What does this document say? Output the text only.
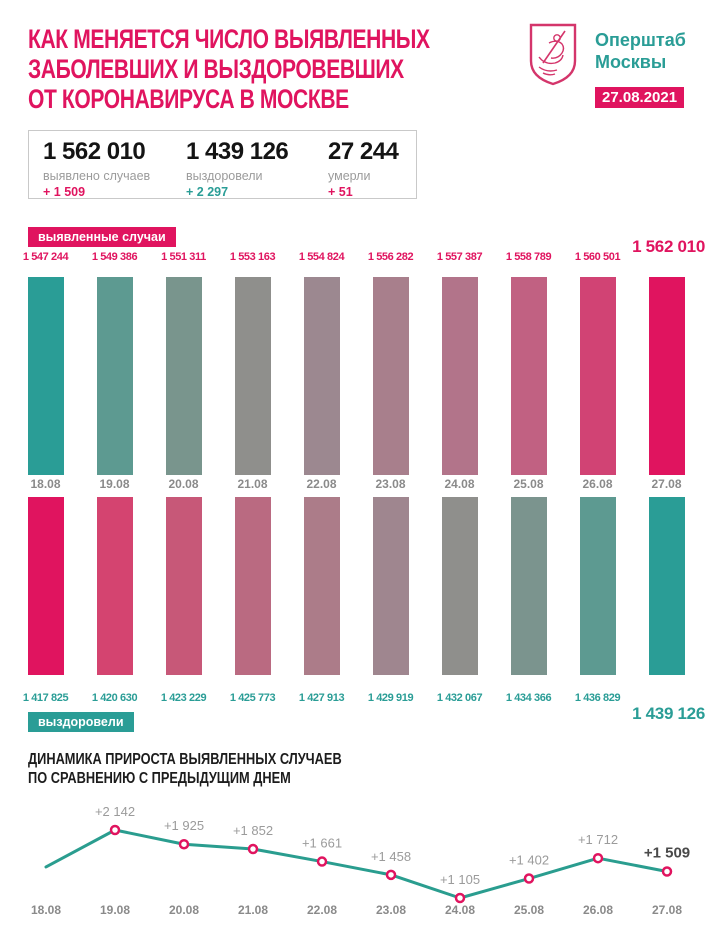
КАК МЕНЯЕТСЯ ЧИСЛО ВЫЯВЛЕННЫХ
ЗАБОЛЕВШИХ И ВЫЗДОРОВЕВШИХ
ОТ КОРОНАВИРУСА В МОСКВЕ
Оперштаб
Москвы
27.08.2021
1 562 010
выявлено случаев
+ 1 509
1 439 126
выздоровели
+ 2 297
27 244
умерли
+ 51
выявленные случаи	1 562 010
1 547 244	1 549 386	1 551 311	1 553 163	1 554 824	1 556 282	1 557 387	1 558 789	1 560 501
18.08	19.08	20.08	21.08	22.08	23.08	24.08	25.08	26.08	27.08
1 417 825	1 420 630	1 423 229	1 425 773	1 427 913	1 429 919	1 432 067	1 434 366	1 436 829
выздоровели	1 439 126
ДИНАМИКА ПРИРОСТА ВЫЯВЛЕННЫХ СЛУЧАЕВ
ПО СРАВНЕНИЮ С ПРЕДЫДУЩИМ ДНЕМ
18.08
+2 142
19.08
+1 925
20.08
+1 852
21.08
+1 661
22.08
+1 458
23.08
+1 105
24.08
+1 402
25.08
+1 712
26.08
+1 509
27.08
